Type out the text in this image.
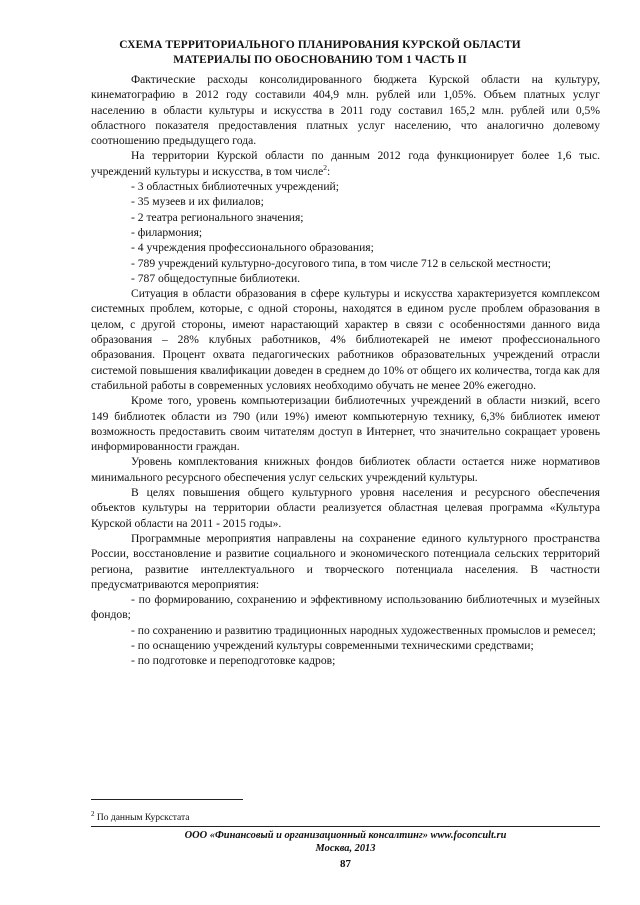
СХЕМА ТЕРРИТОРИАЛЬНОГО ПЛАНИРОВАНИЯ КУРСКОЙ ОБЛАСТИ
МАТЕРИАЛЫ ПО ОБОСНОВАНИЮ ТОМ 1 ЧАСТЬ II

Фактические расходы консолидированного бюджета Курской области на культуру, кинематографию в 2012 году составили 404,9 млн. рублей или 1,05%. Объем платных услуг населению в области культуры и искусства в 2011 году составил 165,2 млн. рублей или 0,5% областного показателя предоставления платных услуг населению, что аналогично долевому соотношению предыдущего года.

На территории Курской области по данным 2012 года функционирует более 1,6 тыс. учреждений культуры и искусства, в том числе$^2$:

- 3 областных библиотечных учреждений;

- 35 музеев и их филиалов;

- 2 театра регионального значения;

- филармония;

- 4 учреждения профессионального образования;

- 789 учреждений культурно-досугового типа, в том числе 712 в сельской местности;

- 787 общедоступные библиотеки.

Ситуация в области образования в сфере культуры и искусства характеризуется комплексом системных проблем, которые, с одной стороны, находятся в едином русле проблем образования в целом, с другой стороны, имеют нарастающий характер в связи с особенностями данного вида образования – 28% клубных работников, 4% библиотекарей не имеют профессионального образования. Процент охвата педагогических работников образовательных учреждений отрасли системой повышения квалификации доведен в среднем до 10% от общего их количества, тогда как для стабильной работы в современных условиях необходимо обучать не менее 20% ежегодно.

Кроме того, уровень компьютеризации библиотечных учреждений в области низкий, всего 149 библиотек области из 790 (или 19%) имеют компьютерную технику, 6,3% библиотек имеют возможность предоставить своим читателям доступ в Интернет, что значительно сокращает уровень информированности граждан.

Уровень комплектования книжных фондов библиотек области остается ниже нормативов минимального ресурсного обеспечения услуг сельских учреждений культуры.

В целях повышения общего культурного уровня населения и ресурсного обеспечения объектов культуры на территории области реализуется областная целевая программа «Культура Курской области на 2011 - 2015 годы».

Программные мероприятия направлены на сохранение единого культурного пространства России, восстановление и развитие социального и экономического потенциала сельских территорий региона, развитие интеллектуального и творческого потенциала населения. В частности предусматриваются мероприятия:

- по формированию, сохранению и эффективному использованию библиотечных и музейных фондов;

- по сохранению и развитию традиционных народных художественных промыслов и ремесел;

- по оснащению учреждений культуры современными техническими средствами;

- по подготовке и переподготовке кадров;

$^2$ По данным Курскстата
ООО «Финансовый и организационный консалтинг» www.foconcult.ru
Москва, 2013
87
